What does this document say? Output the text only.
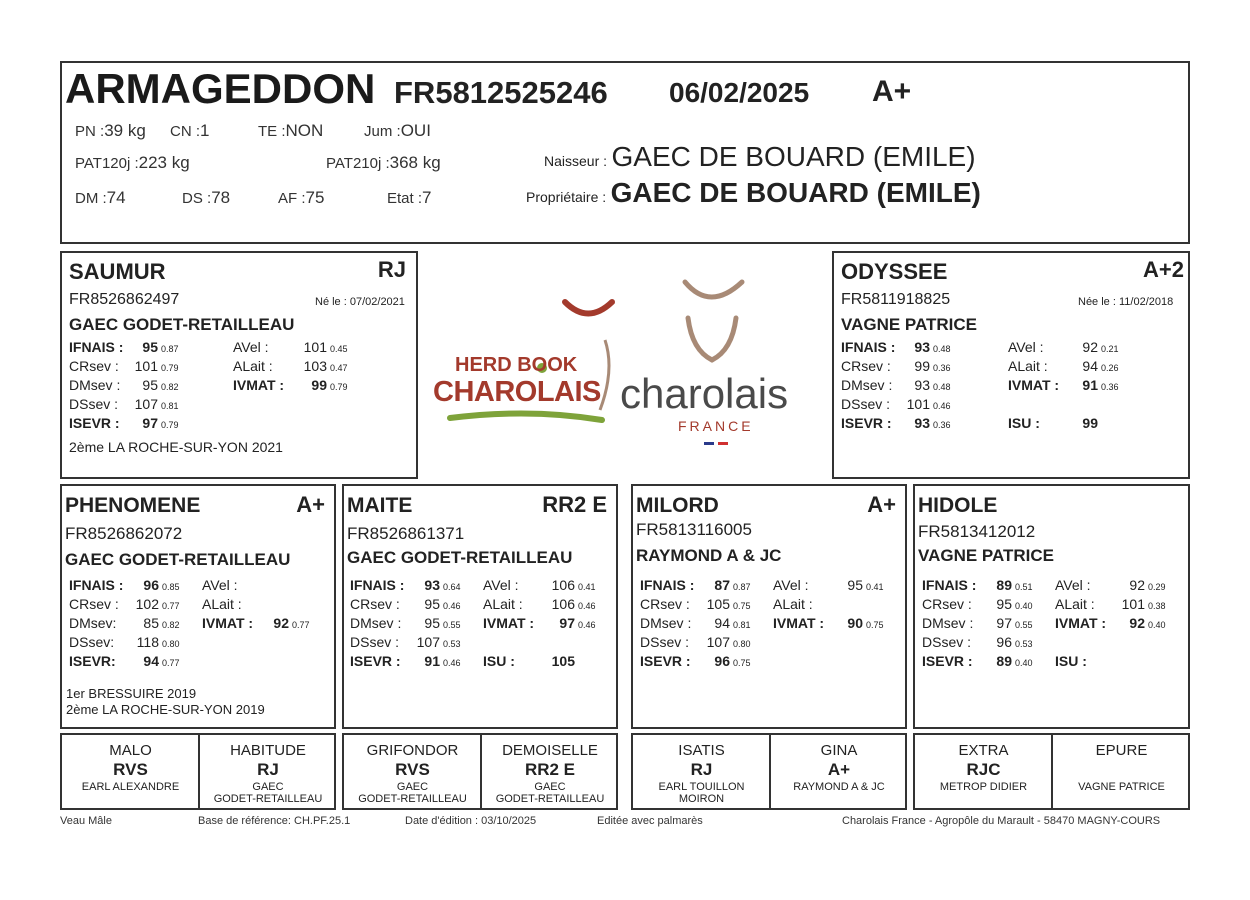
ARMAGEDDON FR5812525246 06/02/2025 A+
PN :39 kg CN :1	TE :NON	Jum :OUI
PAT120j :223 kg	PAT210j :368 kg
DM :74	DS :78	AF :75	Etat :7
Naisseur : GAEC DE BOUARD (EMILE)
Propriétaire : GAEC DE BOUARD (EMILE)
SAUMUR	RJ
FR8526862497	Né le : 07/02/2021
GAEC GODET-RETAILLEAU
IFNAIS :	95	0.87	AVel :	101	0.45
CRsev :	101	0.79	ALait :	103	0.47
DMsev :	95	0.82	IVMAT :	99	0.79
DSsev :	107	0.81			
ISEVR :	97	0.79			
2ème LA ROCHE-SUR-YON 2021
HERD BOOK
CHAROLAIS charolais
FRANCE
ODYSSEE	A+2
FR5811918825	Née le : 11/02/2018
VAGNE PATRICE
IFNAIS :	93	0.48	AVel :	92	0.21
CRsev :	99	0.36	ALait :	94	0.26
DMsev :	93	0.48	IVMAT :	91	0.36
DSsev :	101	0.46			
ISEVR :	93	0.36	ISU :	99	
PHENOMENE	A+
FR8526862072
GAEC GODET-RETAILLEAU
IFNAIS :	96	0.85	AVel :		
CRsev :	102	0.77	ALait :		
DMsev:	85	0.82	IVMAT :	92	0.77
DSsev:	118	0.80			
ISEVR:	94	0.77			
1er BRESSUIRE 2019
2ème LA ROCHE-SUR-YON 2019
MAITE	RR2 E
FR8526861371
GAEC GODET-RETAILLEAU
IFNAIS :	93	0.64	AVel :	106	0.41
CRsev :	95	0.46	ALait :	106	0.46
DMsev :	95	0.55	IVMAT :	97	0.46
DSsev :	107	0.53			
ISEVR :	91	0.46	ISU :	105	
MILORD	A+
FR5813116005
RAYMOND A & JC
IFNAIS :	87	0.87	AVel :	95	0.41
CRsev :	105	0.75	ALait :		
DMsev :	94	0.81	IVMAT :	90	0.75
DSsev :	107	0.80			
ISEVR :	96	0.75			
HIDOLE
FR5813412012
VAGNE PATRICE
IFNAIS :	89	0.51	AVel :	92	0.29
CRsev :	95	0.40	ALait :	101	0.38
DMsev :	97	0.55	IVMAT :	92	0.40
DSsev :	96	0.53			
ISEVR :	89	0.40	ISU :		
MALO
RVS
EARL ALEXANDRE
HABITUDE
RJ
GAEC
GODET-RETAILLEAU
GRIFONDOR
RVS
GAEC
GODET-RETAILLEAU
DEMOISELLE
RR2 E
GAEC
GODET-RETAILLEAU
ISATIS
RJ
EARL TOUILLON
MOIRON
GINA
A+
RAYMOND A & JC
EXTRA
RJC
METROP DIDIER
EPURE
VAGNE PATRICE
Veau Mâle	Base de référence: CH.PF.25.1	Date d'édition : 03/10/2025	Editée avec palmarès	Charolais France - Agropôle du Marault - 58470 MAGNY-COURS
